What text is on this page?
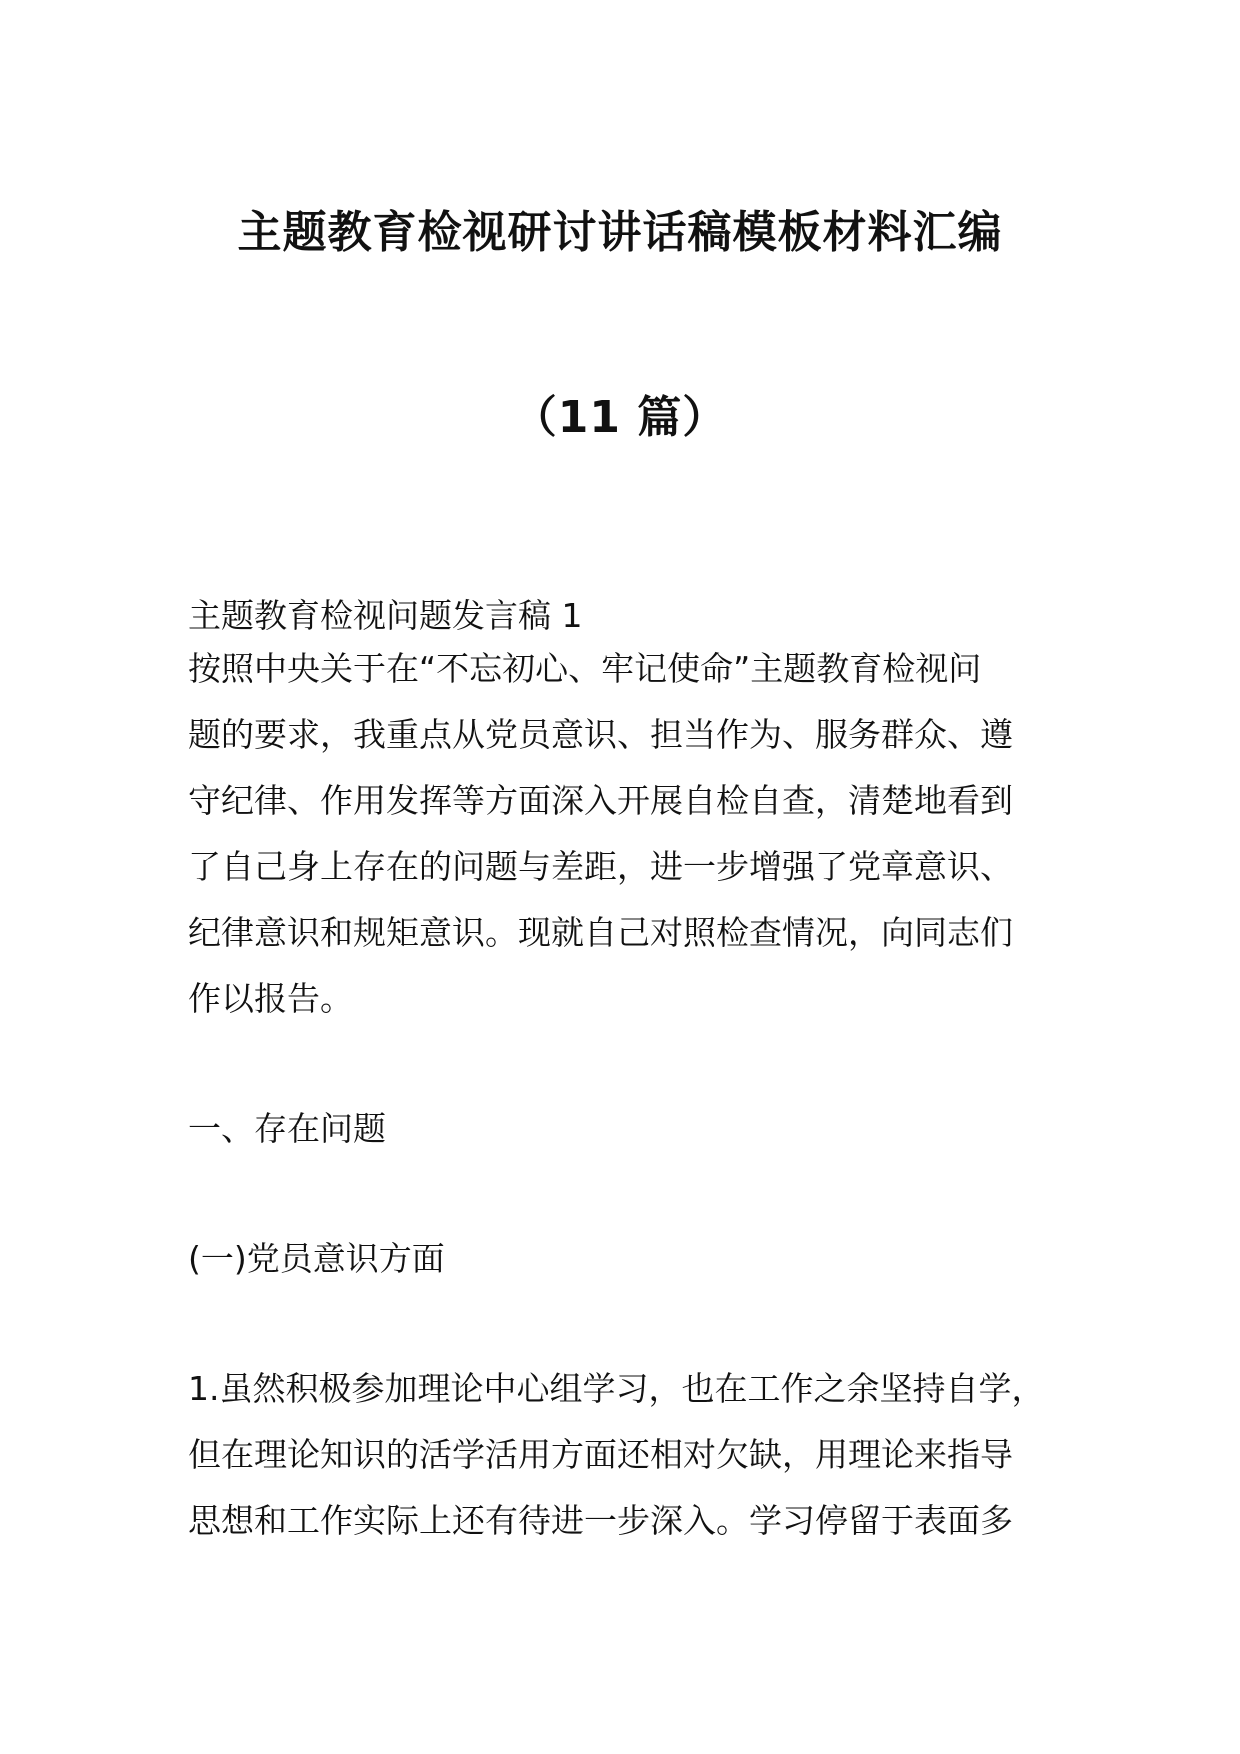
主题教育检视研讨讲话稿模板材料汇编
（11 篇）
主题教育检视问题发言稿 1
按照中央关于在“不忘初心、牢记使命”主题教育检视问
题的要求，我重点从党员意识、担当作为、服务群众、遵
守纪律、作用发挥等方面深入开展自检自查，清楚地看到
了自己身上存在的问题与差距，进一步增强了党章意识、
纪律意识和规矩意识。现就自己对照检查情况，向同志们
作以报告。
一、存在问题
(一)党员意识方面
1.虽然积极参加理论中心组学习，也在工作之余坚持自学，
但在理论知识的活学活用方面还相对欠缺，用理论来指导
思想和工作实际上还有待进一步深入。学习停留于表面多
